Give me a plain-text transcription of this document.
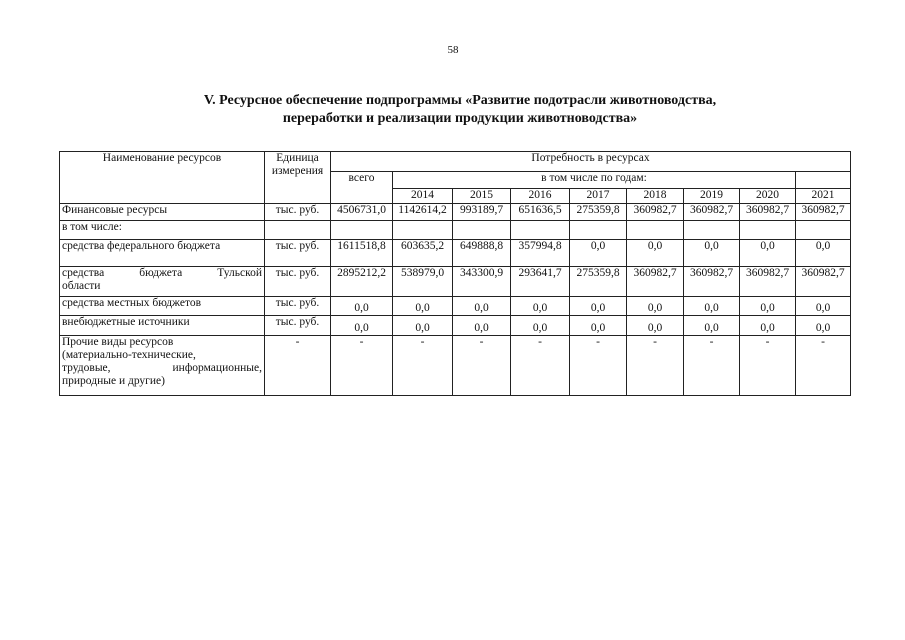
58
V. Ресурсное обеспечение подпрограммы «Развитие подотрасли животноводства,
переработки и реализации продукции животноводства»
Наименование ресурсов	Единица измерения	Потребность в ресурсах								
		всего	в том числе по годам:							
			2014	2015	2016	2017	2018	2019	2020	2021
Финансовые ресурсы	тыс. руб.	4506731,0	1142614,2	993189,7	651636,5	275359,8	360982,7	360982,7	360982,7	360982,7
в том числе:										
средства федерального бюджета	тыс. руб.	1611518,8	603635,2	649888,8	357994,8	0,0	0,0	0,0	0,0	0,0

средства бюджета Тульской
области	тыс. руб.	2895212,2	538979,0	343300,9	293641,7	275359,8	360982,7	360982,7	360982,7	360982,7
средства местных бюджетов	тыс. руб.	0,0	0,0	0,0	0,0	0,0	0,0	0,0	0,0	0,0
внебюджетные источники	тыс. руб.	0,0	0,0	0,0	0,0	0,0	0,0	0,0	0,0	0,0

Прочие виды ресурсов
(материально-технические,
трудовые, информационные,
природные и другие)	-	-	-	-	-	-	-	-	-	-
